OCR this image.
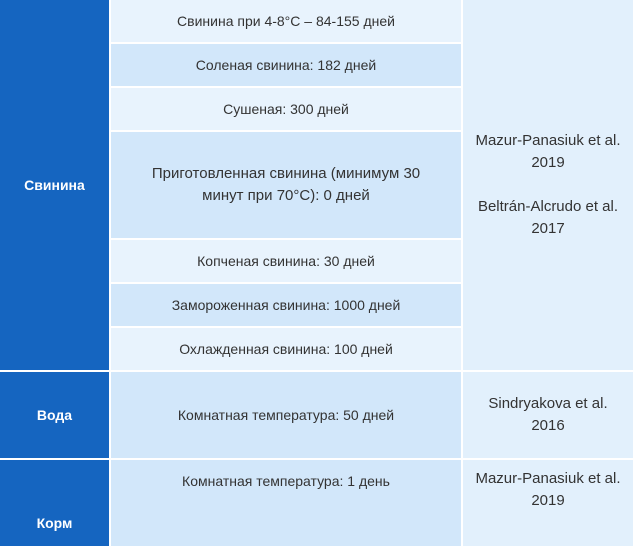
Свинина
Свинина при 4-8°C – 84-155 дней
Соленая свинина: 182 дней
Сушеная: 300 дней
Приготовленная свинина (минимум 30 минут при 70°C): 0 дней
Копченая свинина: 30 дней
Замороженная свинина: 1000 дней
Охлажденная свинина: 100 дней
Mazur-Panasiuk et al. 2019
Beltrán-Alcrudo et al. 2017
Вода	Комнатная температура: 50 дней
Sindryakova et al. 2016
Корм
Комнатная температура: 1 день	Mazur-Panasiuk et al. 2019
